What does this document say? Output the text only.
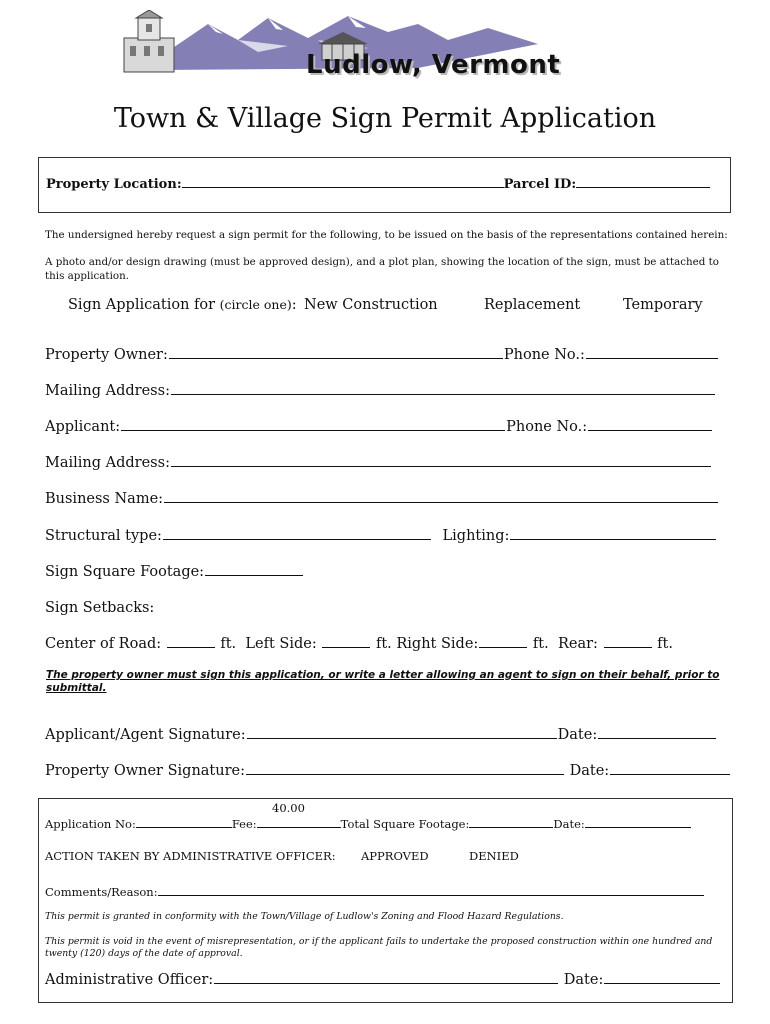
Ludlow, Vermont
Town & Village Sign Permit Application
Property Location:	Parcel ID:
The undersigned hereby request a sign permit for the following, to be issued on the basis of the representations contained herein:
A photo and/or design drawing (must be approved design), and a plot plan, showing the location of the sign, must be attached to this application.
Sign Application for (circle one): New Construction	Replacement	Temporary
Property Owner:	Phone No.:
Mailing Address:
Applicant:	Phone No.:
Mailing Address:
Business Name:
Structural type:	Lighting:
Sign Square Footage:
Sign Setbacks:
Center of Road:	ft. Left Side:	ft. Right Side:	ft. Rear:	ft.
The property owner must sign this application, or write a letter allowing an agent to sign on their behalf, prior to submittal.
Applicant/Agent Signature:	Date:
Property Owner Signature:	Date:
40.00
Application No:	Fee:	Total Square Footage:	Date:
ACTION TAKEN BY ADMINISTRATIVE OFFICER: APPROVED	DENIED
Comments/Reason:
This permit is granted in conformity with the Town/Village of Ludlow's Zoning and Flood Hazard Regulations.
This permit is void in the event of misrepresentation, or if the applicant fails to undertake the proposed construction within one hundred and twenty (120) days of the date of approval.
Administrative Officer:	Date:
